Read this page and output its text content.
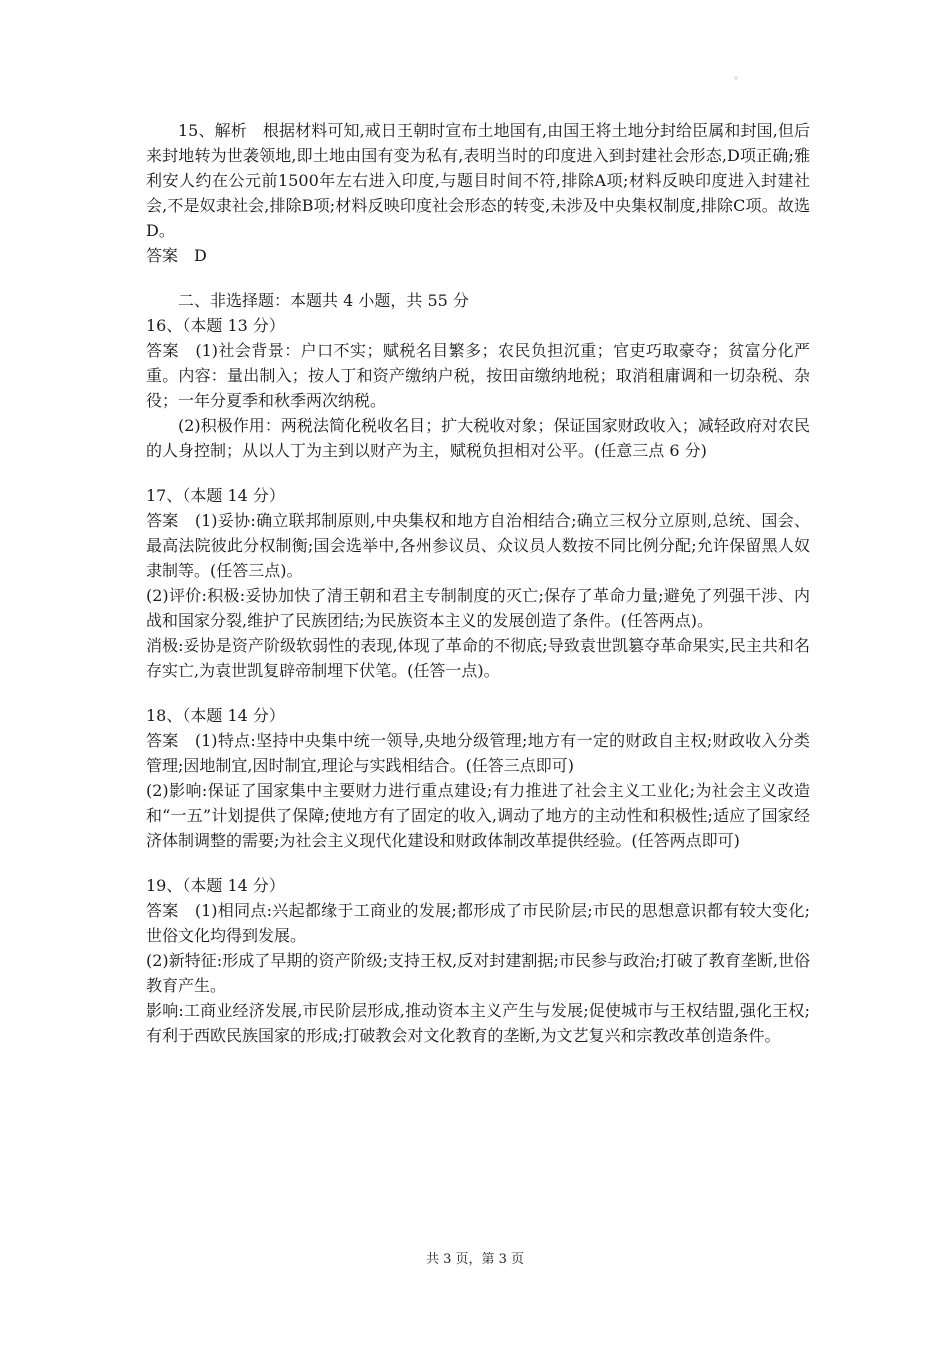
15、解析　根据材料可知,戒日王朝时宣布土地国有,由国王将土地分封给臣属和封国,但后来封地转为世袭领地,即土地由国有变为私有,表明当时的印度进入到封建社会形态,D项正确;雅利安人约在公元前1500年左右进入印度,与题目时间不符,排除A项;材料反映印度进入封建社会,不是奴隶社会,排除B项;材料反映印度社会形态的转变,未涉及中央集权制度,排除C项。故选D。

答案　D

二、非选择题：本题共 4 小题，共 55 分

16、（本题 13 分）

答案　(1)社会背景：户口不实；赋税名目繁多；农民负担沉重；官吏巧取豪夺；贫富分化严重。内容：量出制入；按人丁和资产缴纳户税，按田亩缴纳地税；取消租庸调和一切杂税、杂役；一年分夏季和秋季两次纳税。

(2)积极作用：两税法简化税收名目；扩大税收对象；保证国家财政收入；减轻政府对农民的人身控制；从以人丁为主到以财产为主，赋税负担相对公平。(任意三点 6 分)

17、（本题 14 分）

答案　(1)妥协:确立联邦制原则,中央集权和地方自治相结合;确立三权分立原则,总统、国会、最高法院彼此分权制衡;国会选举中,各州参议员、众议员人数按不同比例分配;允许保留黑人奴隶制等。(任答三点)。

(2)评价:积极:妥协加快了清王朝和君主专制制度的灭亡;保存了革命力量;避免了列强干涉、内战和国家分裂,维护了民族团结;为民族资本主义的发展创造了条件。(任答两点)。

消极:妥协是资产阶级软弱性的表现,体现了革命的不彻底;导致袁世凯篡夺革命果实,民主共和名存实亡,为袁世凯复辟帝制埋下伏笔。(任答一点)。

18、（本题 14 分）

答案　(1)特点:坚持中央集中统一领导,央地分级管理;地方有一定的财政自主权;财政收入分类管理;因地制宜,因时制宜,理论与实践相结合。(任答三点即可)

(2)影响:保证了国家集中主要财力进行重点建设;有力推进了社会主义工业化;为社会主义改造和“一五”计划提供了保障;使地方有了固定的收入,调动了地方的主动性和积极性;适应了国家经济体制调整的需要;为社会主义现代化建设和财政体制改革提供经验。(任答两点即可)

19、（本题 14 分）

答案　(1)相同点:兴起都缘于工商业的发展;都形成了市民阶层;市民的思想意识都有较大变化;世俗文化均得到发展。

(2)新特征:形成了早期的资产阶级;支持王权,反对封建割据;市民参与政治;打破了教育垄断,世俗教育产生。

影响:工商业经济发展,市民阶层形成,推动资本主义产生与发展;促使城市与王权结盟,强化王权;有利于西欧民族国家的形成;打破教会对文化教育的垄断,为文艺复兴和宗教改革创造条件。

共 3 页，第 3 页
